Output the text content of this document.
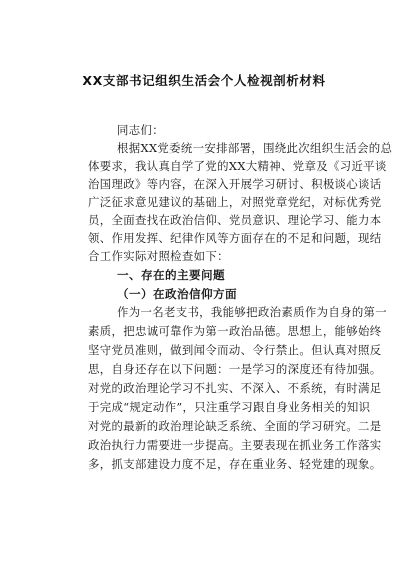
XX支部书记组织生活会个人检视剖析材料
同志们：
根据XX党委统一安排部署，围绕此次组织生活会的总
体要求，我认真自学了党的XX大精神、党章及《习近平谈
治国理政》等内容，在深入开展学习研讨、积极谈心谈话
广泛征求意见建议的基础上，对照党章党纪，对标优秀党
员，全面查找在政治信仰、党员意识、理论学习、能力本
领、作用发挥、纪律作风等方面存在的不足和问题，现结
合工作实际对照检查如下：
一、存在的主要问题
（一）在政治信仰方面
作为一名老支书，我能够把政治素质作为自身的第一
素质，把忠诚可靠作为第一政治品德。思想上，能够始终
坚守党员准则，做到闻令而动、令行禁止。但认真对照反
思，自身还存在以下问题：一是学习的深度还有待加强。
对党的政治理论学习不扎实、不深入、不系统，有时满足
于完成“规定动作”，只注重学习跟自身业务相关的知识
对党的最新的政治理论缺乏系统、全面的学习研究。二是
政治执行力需要进一步提高。主要表现在抓业务工作落实
多，抓支部建设力度不足，存在重业务、轻党建的现象。
